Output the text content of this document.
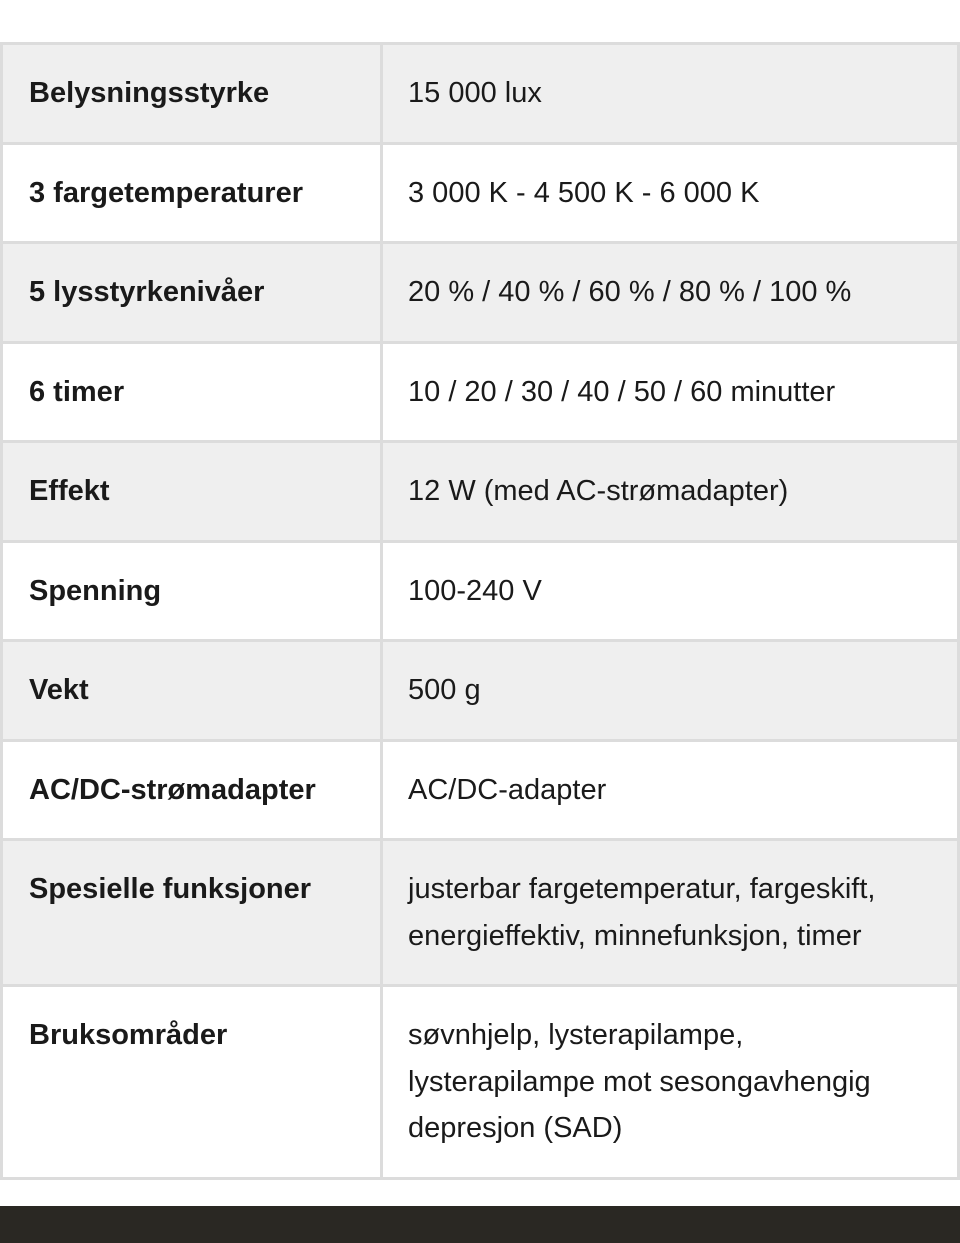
Belysningsstyrke	15 000 lux
3 fargetemperaturer	3 000 K - 4 500 K - 6 000 K
5 lysstyrkenivåer	20 % / 40 % / 60 % / 80 % / 100 %
6 timer	10 / 20 / 30 / 40 / 50 / 60 minutter
Effekt	12 W (med AC-strømadapter)
Spenning	100-240 V
Vekt	500 g
AC/DC-strømadapter	AC/DC-adapter
Spesielle funksjoner	justerbar fargetemperatur, fargeskift, energieffektiv, minnefunksjon, timer
Bruksområder	søvnhjelp, lysterapilampe, lysterapilampe mot sesongavhengig depresjon (SAD)
